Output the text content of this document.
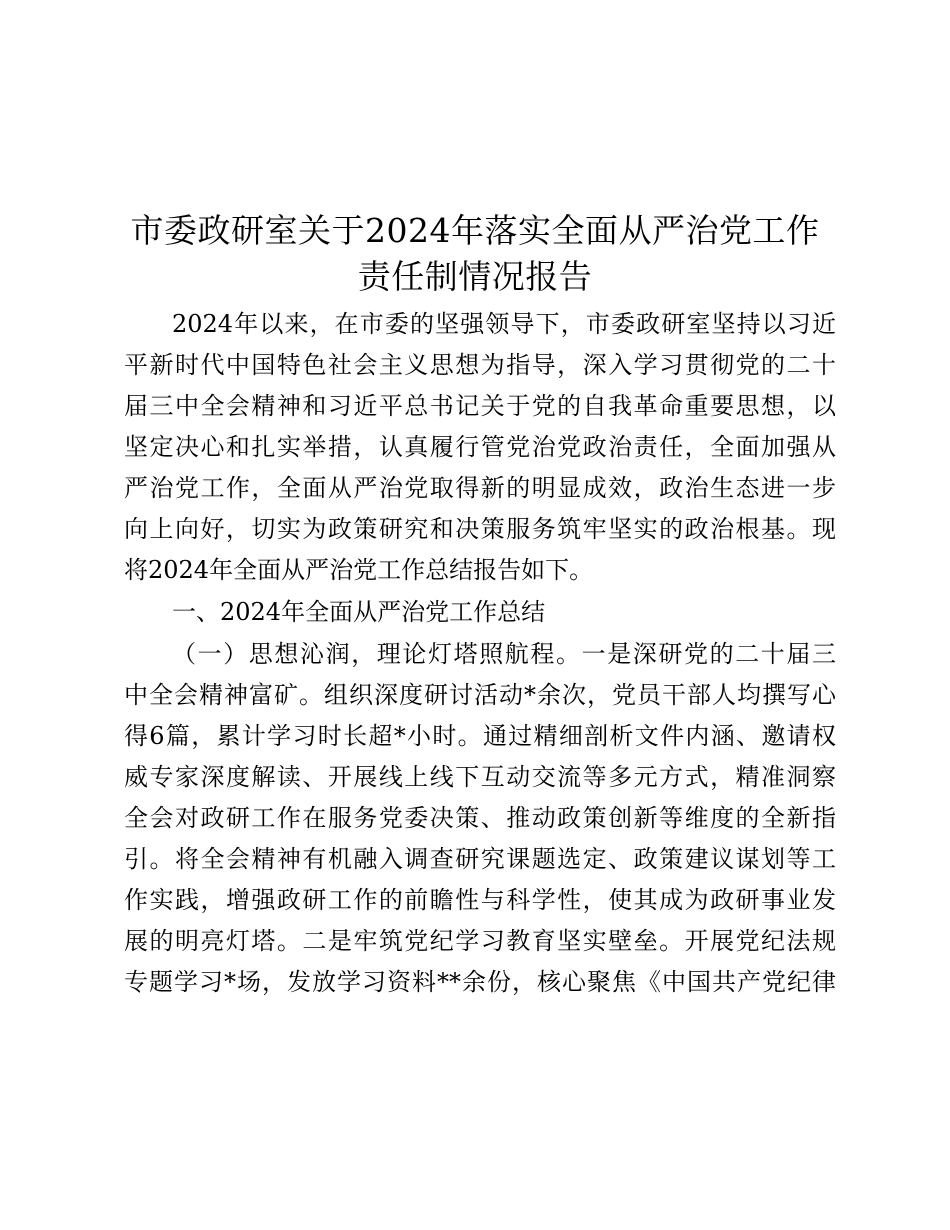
市委政研室关于2024年落实全面从严治党工作
责任制情况报告
2024年以来，在市委的坚强领导下，市委政研室坚持以习近
平新时代中国特色社会主义思想为指导，深入学习贯彻党的二十
届三中全会精神和习近平总书记关于党的自我革命重要思想，以
坚定决心和扎实举措，认真履行管党治党政治责任，全面加强从
严治党工作，全面从严治党取得新的明显成效，政治生态进一步
向上向好，切实为政策研究和决策服务筑牢坚实的政治根基。现
将2024年全面从严治党工作总结报告如下。
一、2024年全面从严治党工作总结
（一）思想沁润，理论灯塔照航程。一是深研党的二十届三
中全会精神富矿。组织深度研讨活动*余次，党员干部人均撰写心
得6篇，累计学习时长超*小时。通过精细剖析文件内涵、邀请权
威专家深度解读、开展线上线下互动交流等多元方式，精准洞察
全会对政研工作在服务党委决策、推动政策创新等维度的全新指
引。将全会精神有机融入调查研究课题选定、政策建议谋划等工
作实践，增强政研工作的前瞻性与科学性，使其成为政研事业发
展的明亮灯塔。二是牢筑党纪学习教育坚实壁垒。开展党纪法规
专题学习*场，发放学习资料**余份，核心聚焦《中国共产党纪律
